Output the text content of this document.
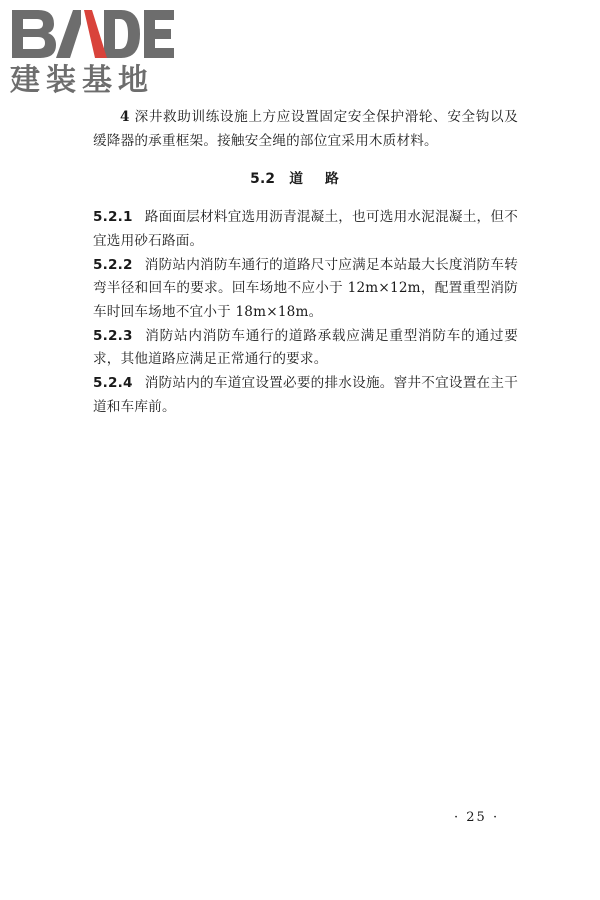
建装基地

4 深井救助训练设施上方应设置固定安全保护滑轮、安全钩以及缓降器的承重框架。接触安全绳的部位宜采用木质材料。

5.2 道路

5.2.1 路面面层材料宜选用沥青混凝土，也可选用水泥混凝土，但不宜选用砂石路面。

5.2.2 消防站内消防车通行的道路尺寸应满足本站最大长度消防车转弯半径和回车的要求。回车场地不应小于 12m×12m，配置重型消防车时回车场地不宜小于 18m×18m。

5.2.3 消防站内消防车通行的道路承载应满足重型消防车的通过要求，其他道路应满足正常通行的要求。

5.2.4 消防站内的车道宜设置必要的排水设施。窨井不宜设置在主干道和车库前。

· 25 ·
